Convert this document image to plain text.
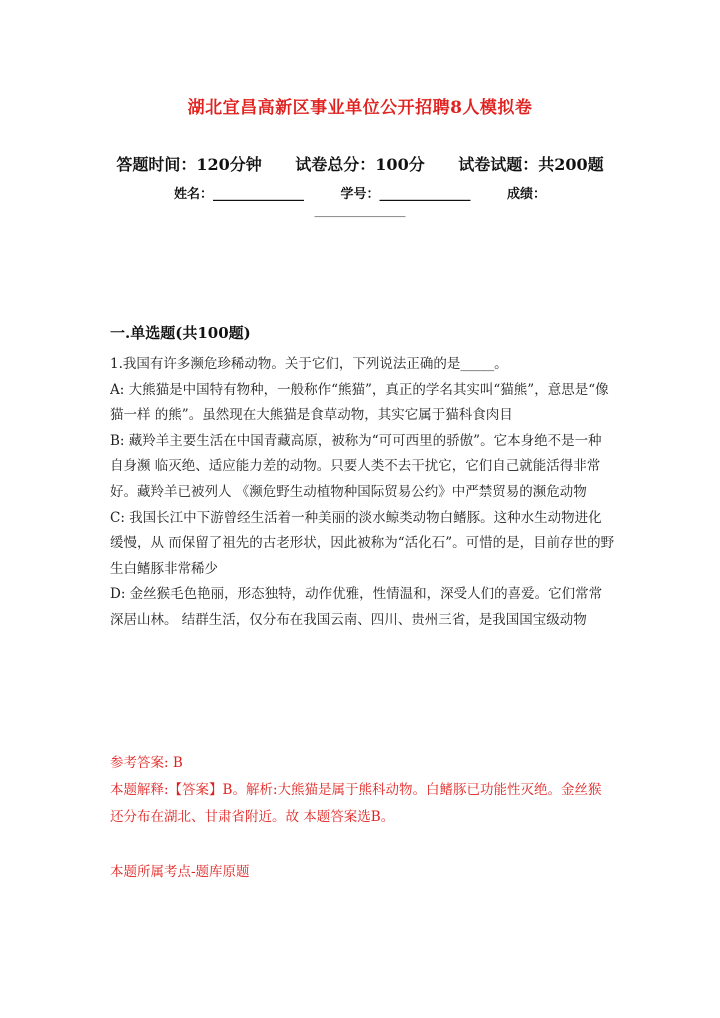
湖北宜昌高新区事业单位公开招聘8人模拟卷
答题时间：120分钟 试卷总分：100分 试卷试题：共200题
姓名：______________	学号：______________	成绩：
______________
一.单选题(共100题)

1.我国有许多濒危珍稀动物。关于它们，下列说法正确的是_____。

A: 大熊猫是中国特有物种，一般称作“熊猫”，真正的学名其实叫“猫熊”，意思是“像猫一样 的熊”。虽然现在大熊猫是食草动物，其实它属于猫科食肉目

B: 藏羚羊主要生活在中国青藏高原，被称为“可可西里的骄傲”。它本身绝不是一种自身濒 临灭绝、适应能力差的动物。只要人类不去干扰它，它们自己就能活得非常好。藏羚羊已被列人 《濒危野生动植物种国际贸易公约》中严禁贸易的濒危动物

C: 我国长江中下游曾经生活着一种美丽的淡水鲸类动物白鳍豚。这种水生动物进化缓慢，从 而保留了祖先的古老形状，因此被称为“活化石”。可惜的是，目前存世的野生白鳍豚非常稀少

D: 金丝猴毛色艳丽，形态独特，动作优雅，性情温和，深受人们的喜爱。它们常常深居山林。 结群生活，仅分布在我国云南、四川、贵州三省，是我国国宝级动物

参考答案: B

本题解释:【答案】B。解析:大熊猫是属于熊科动物。白鳍豚已功能性灭绝。金丝猴还分布在湖北、甘肃省附近。故 本题答案选B。

本题所属考点-题库原题
